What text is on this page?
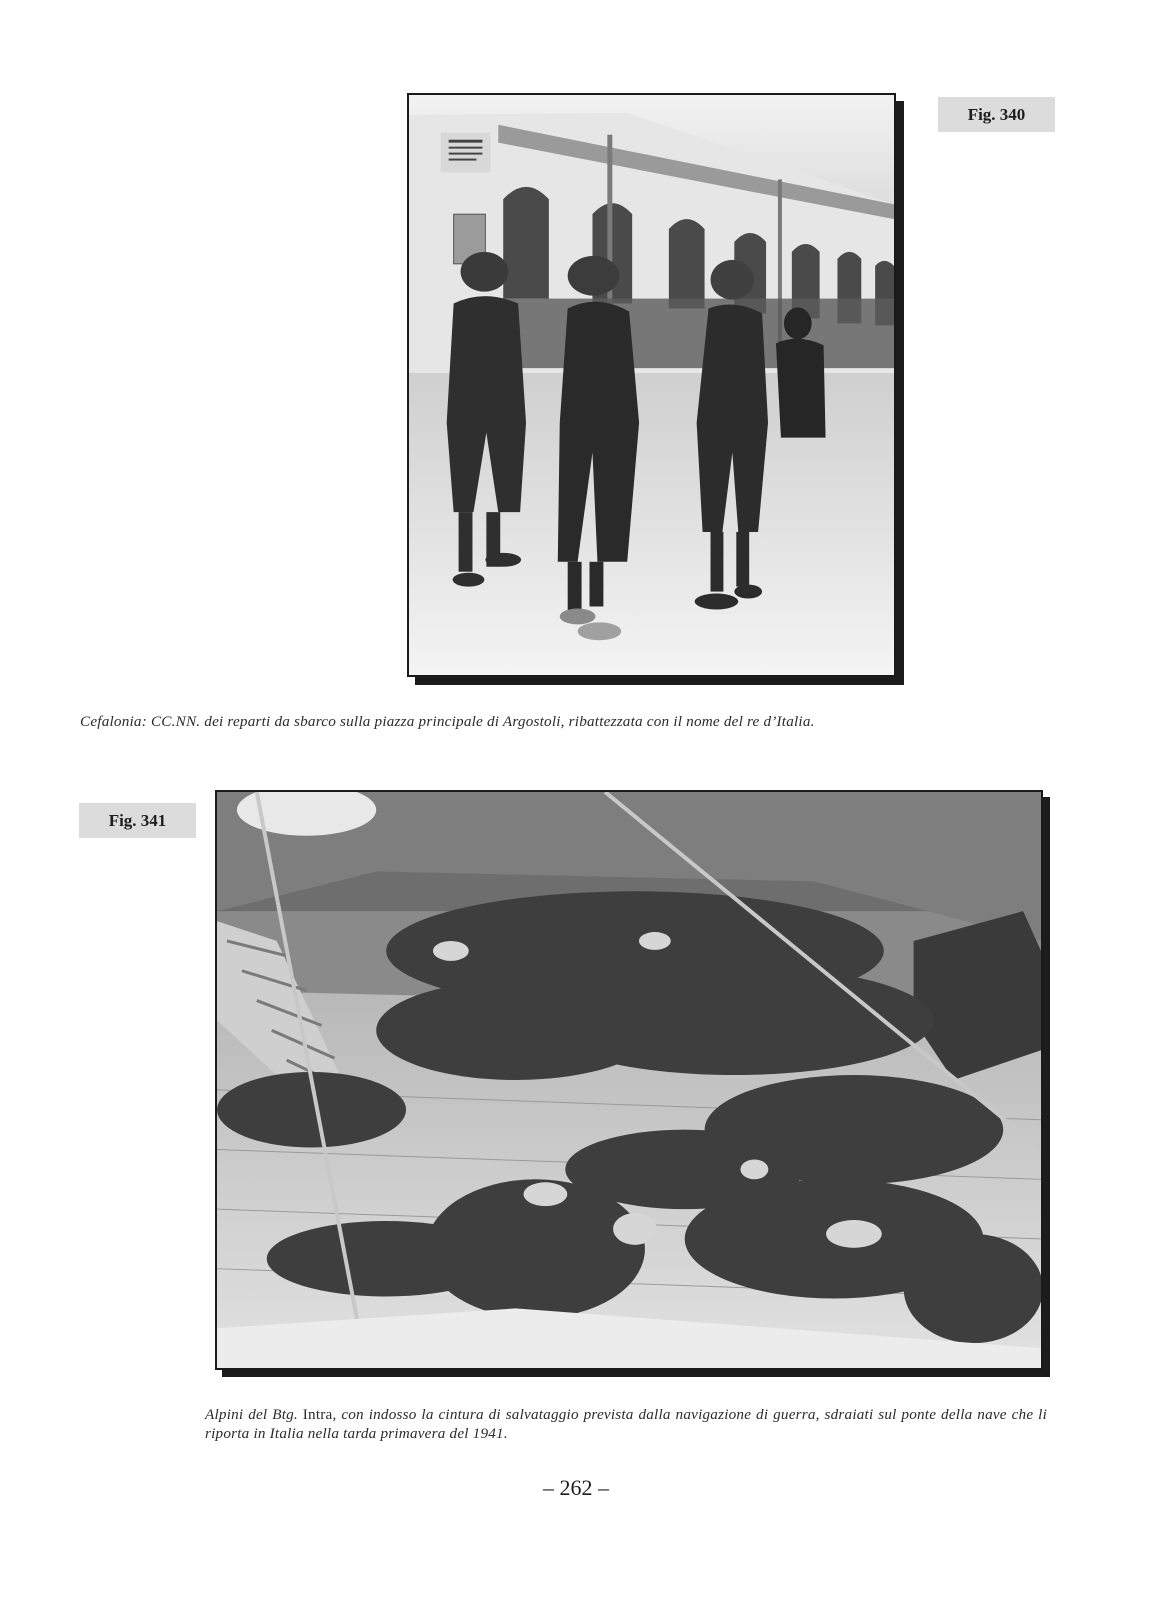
Fig. 340
Cefalonia: CC.NN. dei reparti da sbarco sulla piazza principale di Argostoli, ribattezzata con il nome del re d’Italia.
Fig. 341
Alpini del Btg. Intra, con indosso la cintura di salvataggio prevista dalla navigazione di guerra, sdraiati sul ponte della nave che li riporta in Italia nella tarda primavera del 1941.
– 262 –
